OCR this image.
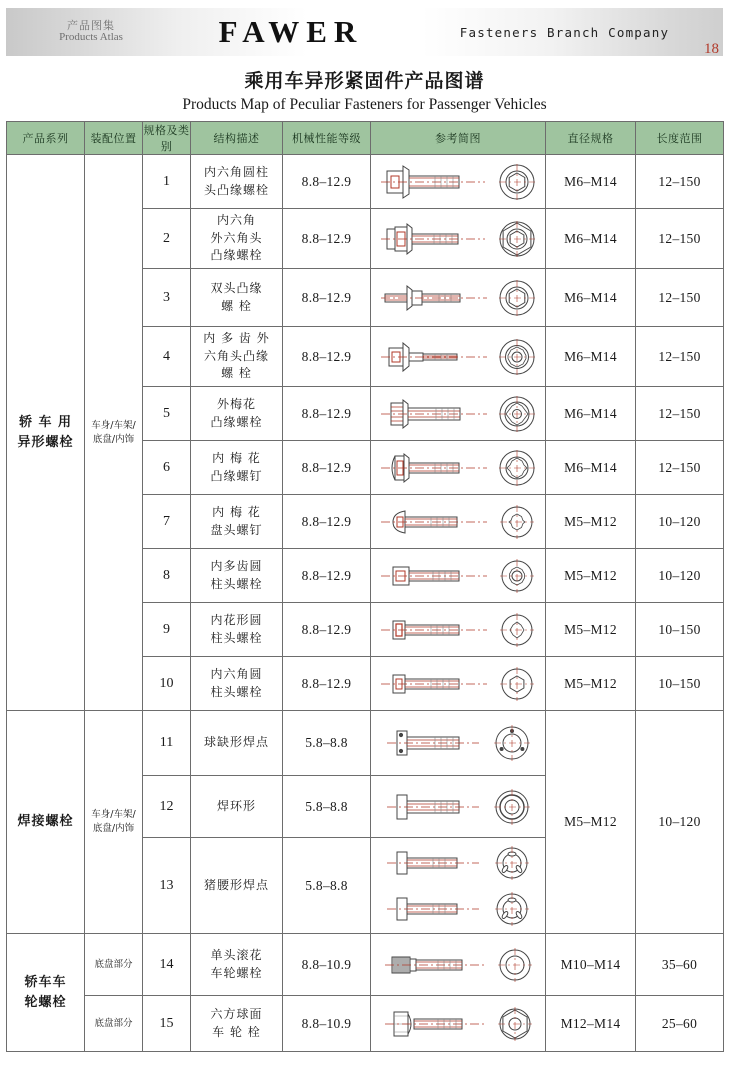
产品图集
Products Atlas	FAWER	Fasteners Branch Company
18
乘用车异形紧固件产品图谱
Products Map of Peculiar Fasteners for Passenger Vehicles
产品系列	装配位置	规格及类别	结构描述	机械性能等级	参考简图	直径规格	长度范围

轿 车 用
异形螺栓

车身/车架/
底盘/内饰
	1	
内六角圆柱
头凸缘螺栓
	8.8–12.9		M6–M14	12–150
		2	内六角
外六角头
凸缘螺栓	8.8–12.9		M6–M14	12–150
		3	双头凸缘
螺 栓	8.8–12.9		M6–M14	12–150
		4	内 多 齿 外
六角头凸缘
螺 栓	8.8–12.9		M6–M14	12–150
		5	外梅花
凸缘螺栓	8.8–12.9		M6–M14	12–150
		6	内 梅 花
凸缘螺钉	8.8–12.9		M6–M14	12–150
		7	内 梅 花
盘头螺钉	8.8–12.9		M5–M12	10–120
		8	内多齿圆
柱头螺栓	8.8–12.9		M5–M12	10–120
		9	内花形圆
柱头螺栓	8.8–12.9		M5–M12	10–150
		10	内六角圆
柱头螺栓	8.8–12.9		M5–M12	10–150

焊接螺栓	车身/车架/
底盘/内饰	11	球缺形焊点	5.8–8.8		M5–M12	10–120
		12	焊环形	5.8–8.8	

		13	猪腰形焊点	5.8–8.8	

轿车车
轮螺栓
	底盘部分	14	
单头滚花
车轮螺栓
	8.8–10.9		M10–M14	35–60
	底盘部分	15	六方球面
车 轮 栓	8.8–10.9		M12–M14	25–60
